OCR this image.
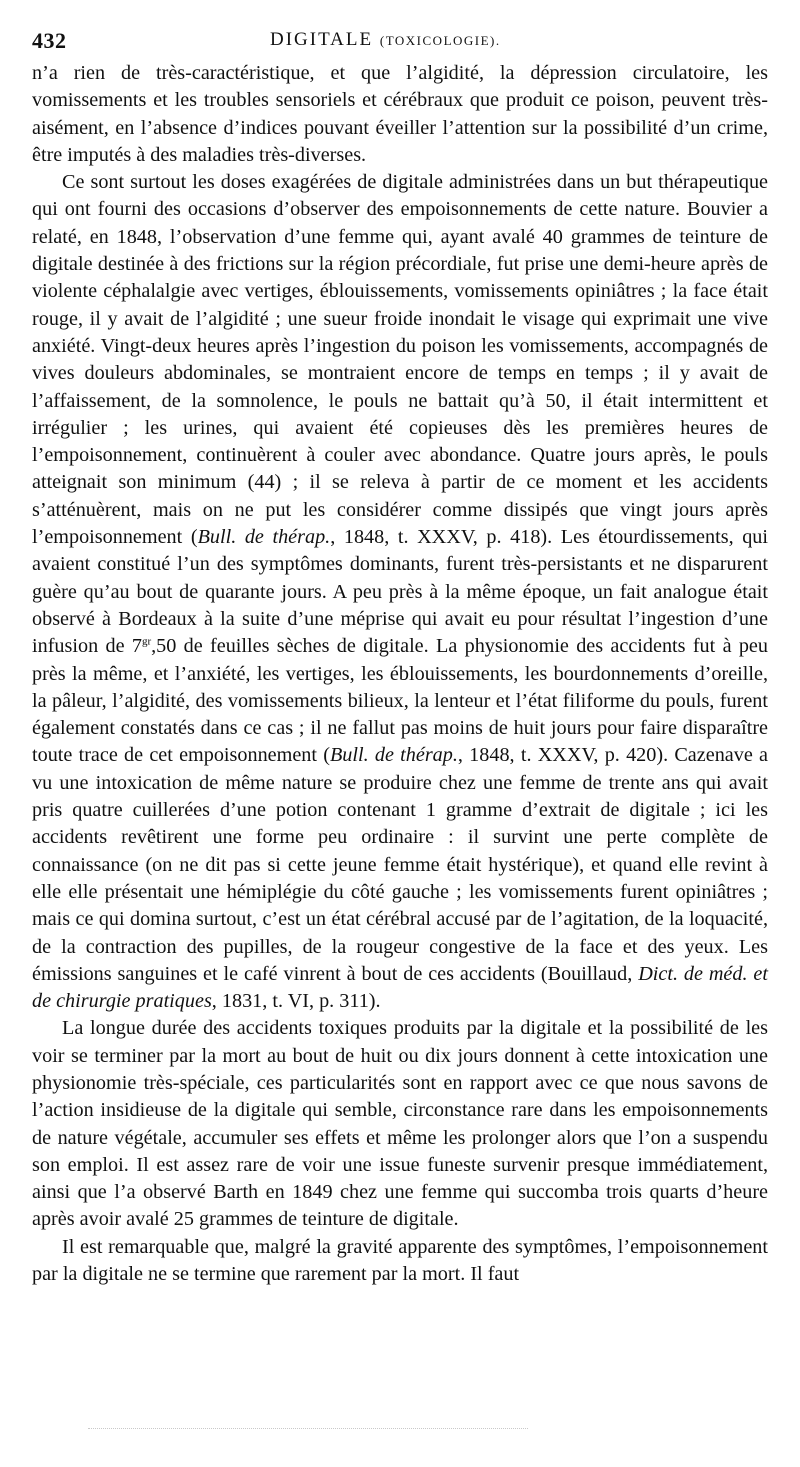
432	DIGITALE (TOXICOLOGIE).

n’a rien de très-caractéristique, et que l’algidité, la dépression circulatoire, les vomissements et les troubles sensoriels et cérébraux que produit ce poison, peuvent très-aisément, en l’absence d’indices pouvant éveiller l’attention sur la possibilité d’un crime, être imputés à des maladies très-diverses.

Ce sont surtout les doses exagérées de digitale administrées dans un but thérapeutique qui ont fourni des occasions d’observer des empoisonnements de cette nature. Bouvier a relaté, en 1848, l’observation d’une femme qui, ayant avalé 40 grammes de teinture de digitale destinée à des frictions sur la région précordiale, fut prise une demi-heure après de violente céphalalgie avec vertiges, éblouissements, vomissements opiniâtres ; la face était rouge, il y avait de l’algidité ; une sueur froide inondait le visage qui exprimait une vive anxiété. Vingt-deux heures après l’ingestion du poison les vomissements, accompagnés de vives douleurs abdominales, se montraient encore de temps en temps ; il y avait de l’affaissement, de la somnolence, le pouls ne battait qu’à 50, il était intermittent et irrégulier ; les urines, qui avaient été copieuses dès les premières heures de l’empoisonnement, continuèrent à couler avec abondance. Quatre jours après, le pouls atteignait son minimum (44) ; il se releva à partir de ce moment et les accidents s’atténuèrent, mais on ne put les considérer comme dissipés que vingt jours après l’empoisonnement (Bull. de thérap., 1848, t. XXXV, p. 418). Les étourdissements, qui avaient constitué l’un des symptômes dominants, furent très-persistants et ne disparurent guère qu’au bout de quarante jours. A peu près à la même époque, un fait analogue était observé à Bordeaux à la suite d’une méprise qui avait eu pour résultat l’ingestion d’une infusion de $7^{gr},50$ de feuilles sèches de digitale. La physionomie des accidents fut à peu près la même, et l’anxiété, les vertiges, les éblouissements, les bourdonnements d’oreille, la pâleur, l’algidité, des vomissements bilieux, la lenteur et l’état filiforme du pouls, furent également constatés dans ce cas ; il ne fallut pas moins de huit jours pour faire disparaître toute trace de cet empoisonnement (Bull. de thérap., 1848, t. XXXV, p. 420). Cazenave a vu une intoxication de même nature se produire chez une femme de trente ans qui avait pris quatre cuillerées d’une potion contenant 1 gramme d’extrait de digitale ; ici les accidents revêtirent une forme peu ordinaire : il survint une perte complète de connaissance (on ne dit pas si cette jeune femme était hystérique), et quand elle revint à elle elle présentait une hémiplégie du côté gauche ; les vomissements furent opiniâtres ; mais ce qui domina surtout, c’est un état cérébral accusé par de l’agitation, de la loquacité, de la contraction des pupilles, de la rougeur congestive de la face et des yeux. Les émissions sanguines et le café vinrent à bout de ces accidents (Bouillaud, Dict. de méd. et de chirurgie pratiques, 1831, t. VI, p. 311).

La longue durée des accidents toxiques produits par la digitale et la possibilité de les voir se terminer par la mort au bout de huit ou dix jours donnent à cette intoxication une physionomie très-spéciale, ces particularités sont en rapport avec ce que nous savons de l’action insidieuse de la digitale qui semble, circonstance rare dans les empoisonnements de nature végétale, accumuler ses effets et même les prolonger alors que l’on a suspendu son emploi. Il est assez rare de voir une issue funeste survenir presque immédiatement, ainsi que l’a observé Barth en 1849 chez une femme qui succomba trois quarts d’heure après avoir avalé 25 grammes de teinture de digitale.

Il est remarquable que, malgré la gravité apparente des symptômes, l’empoisonnement par la digitale ne se termine que rarement par la mort. Il faut
